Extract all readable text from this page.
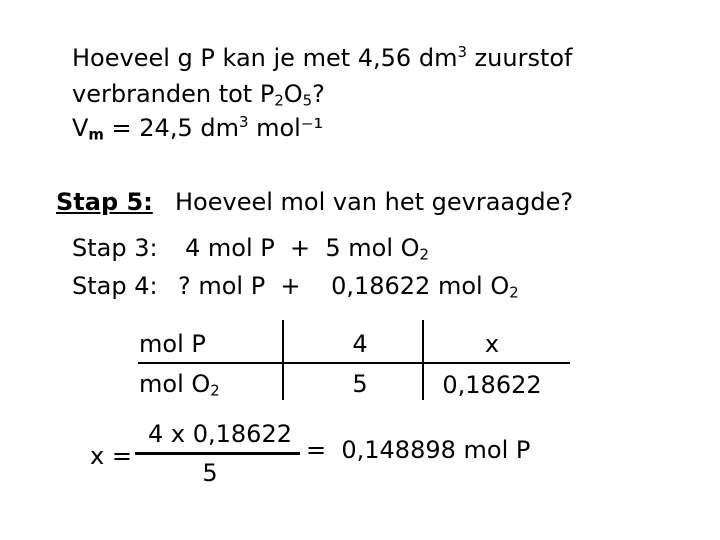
Hoeveel g P kan je met 4,56 $dm^3$ zuurstof
verbranden tot $P_2O_5$?
$V_m = 24,5$ $dm^3$ mol⁻¹
Stap 5: Hoeveel mol van het gevraagde?
Stap 3: 4 mol P  +  5 mol $O_2$
Stap 4: ? mol P  +    0,18622 mol $O_2$
mol P
mol $O_2$
4
5
x
0,18622
x =
4 x 0,18622
5
=  0,148898 mol P
